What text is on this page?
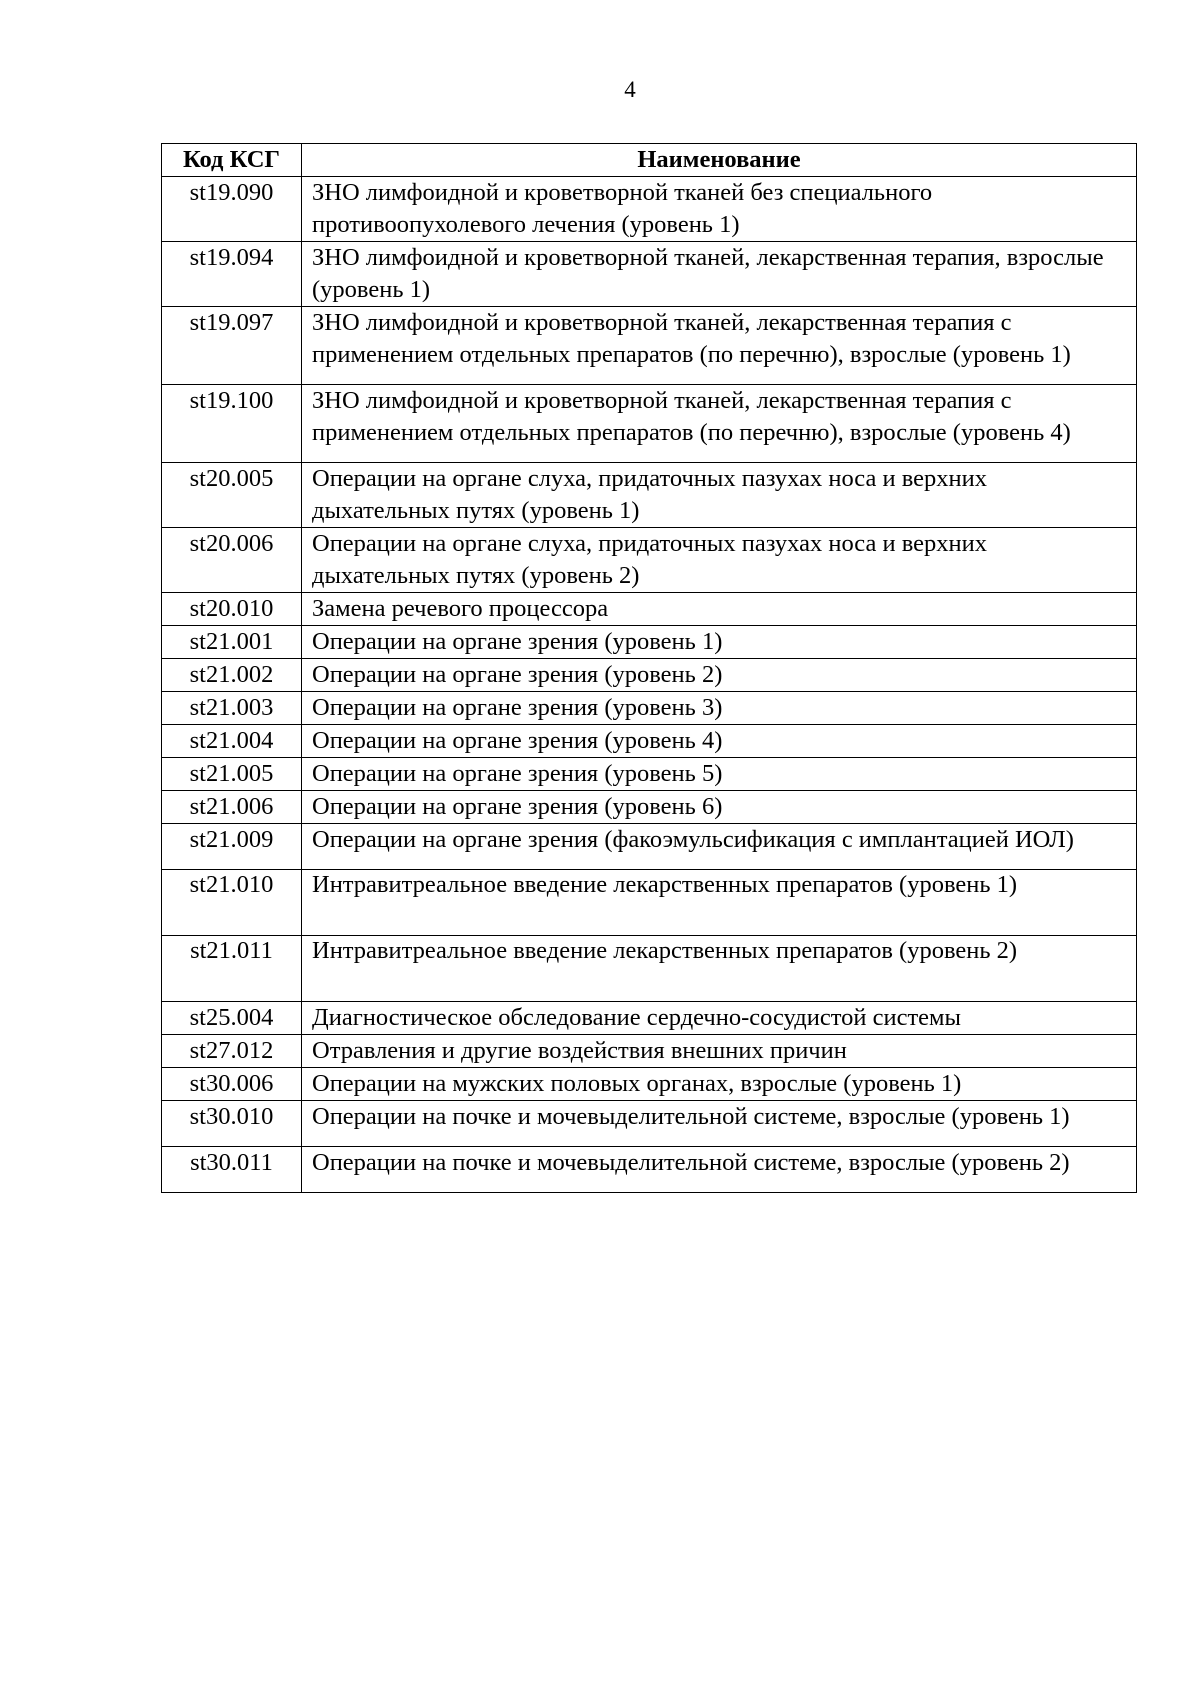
4
Код КСГ	Наименование
st19.090	ЗНО лимфоидной и кроветворной тканей без специального противоопухолевого лечения (уровень 1)
st19.094	ЗНО лимфоидной и кроветворной тканей, лекарственная терапия, взрослые (уровень 1)
st19.097	ЗНО лимфоидной и кроветворной тканей, лекарственная терапия с применением отдельных препаратов (по перечню), взрослые (уровень 1)
st19.100	ЗНО лимфоидной и кроветворной тканей, лекарственная терапия с применением отдельных препаратов (по перечню), взрослые (уровень 4)
st20.005	Операции на органе слуха, придаточных пазухах носа и верхних дыхательных путях (уровень 1)
st20.006	Операции на органе слуха, придаточных пазухах носа и верхних дыхательных путях (уровень 2)
st20.010	Замена речевого процессора
st21.001	Операции на органе зрения (уровень 1)
st21.002	Операции на органе зрения (уровень 2)
st21.003	Операции на органе зрения (уровень 3)
st21.004	Операции на органе зрения (уровень 4)
st21.005	Операции на органе зрения (уровень 5)
st21.006	Операции на органе зрения (уровень 6)
st21.009	Операции на органе зрения (факоэмульсификация с имплантацией ИОЛ)
st21.010	Интравитреальное введение лекарственных препаратов (уровень 1)
st21.011	Интравитреальное введение лекарственных препаратов (уровень 2)
st25.004	Диагностическое обследование сердечно-сосудистой системы
st27.012	Отравления и другие воздействия внешних причин
st30.006	Операции на мужских половых органах, взрослые (уровень 1)
st30.010	Операции на почке и мочевыделительной системе, взрослые (уровень 1)
st30.011	Операции на почке и мочевыделительной системе, взрослые (уровень 2)
